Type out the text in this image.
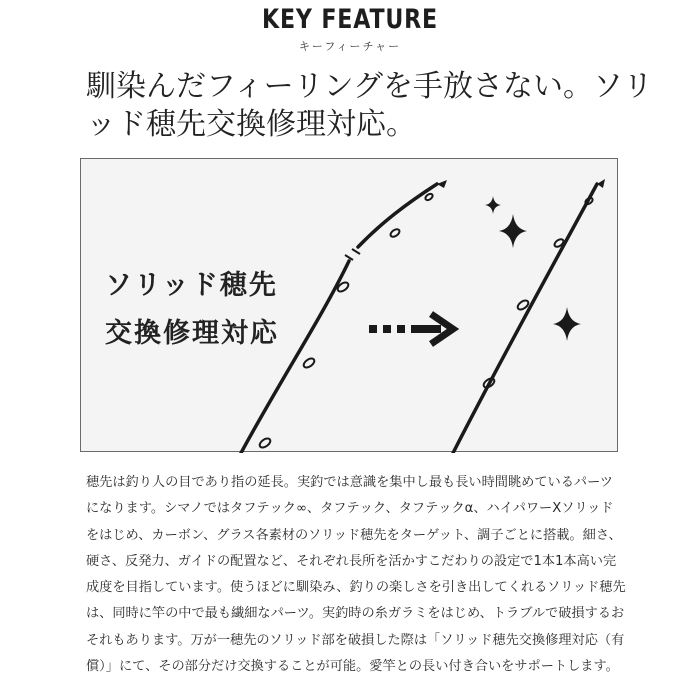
KEY FEATURE
キーフィーチャー
馴染んだフィーリングを手放さない。ソリッド穂先交換修理対応。
ソリッド穂先
交換修理対応

穂先は釣り人の目であり指の延長。実釣では意識を集中し最も長い時間眺めているパーツになります。シマノではタフテック∞、タフテック、タフテックα、ハイパワーXソリッドをはじめ、カーボン、グラス各素材のソリッド穂先をターゲット、調子ごとに搭載。細さ、硬さ、反発力、ガイドの配置など、それぞれ長所を活かすこだわりの設定で1本1本高い完成度を目指しています。使うほどに馴染み、釣りの楽しさを引き出してくれるソリッド穂先は、同時に竿の中で最も繊細なパーツ。実釣時の糸ガラミをはじめ、トラブルで破損するおそれもあります。万が一穂先のソリッド部を破損した際は「ソリッド穂先交換修理対応（有償）」にて、その部分だけ交換することが可能。愛竿との長い付き合いをサポートします。
